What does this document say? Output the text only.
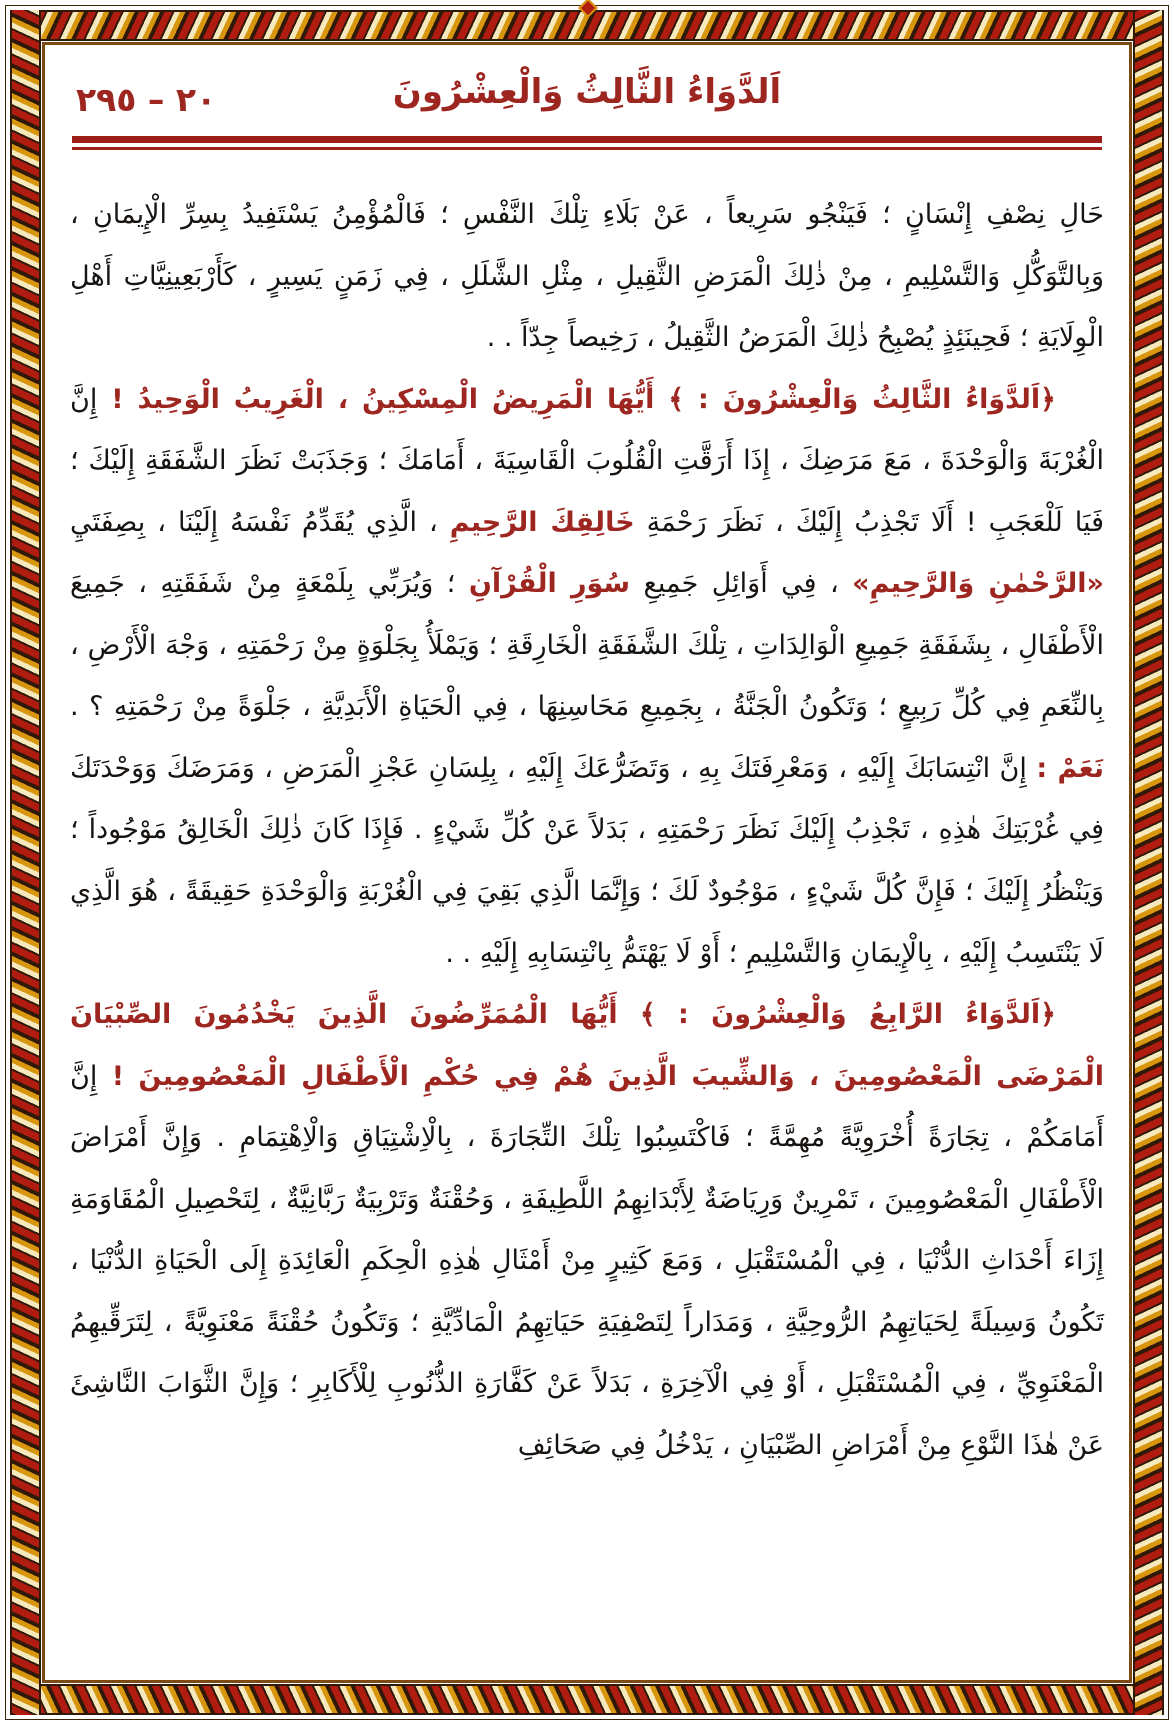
٢٠ – ٢٩٥	اَلدَّوَاءُ الثَّالِثُ وَالْعِشْرُونَ

حَالِ نِصْفِ إِنْسَانٍ ؛ فَيَنْجُو سَرِيعاً ، عَنْ بَلَاءِ تِلْكَ النَّفْسِ ؛ فَالْمُؤْمِنُ يَسْتَفِيدُ بِسِرِّ الْإِيمَانِ ، وَبِالتَّوَكُّلِ وَالتَّسْلِيمِ ، مِنْ ذٰلِكَ الْمَرَضِ الثَّقِيلِ ، مِثْلِ الشَّلَلِ ، فِي زَمَنٍ يَسِيرٍ ، كَأَرْبَعِينِيَّاتِ أَهْلِ الْوِلَايَةِ ؛ فَحِينَئِذٍ يُصْبِحُ ذٰلِكَ الْمَرَضُ الثَّقِيلُ ، رَخِيصاً جِدّاً . .

﴿اَلدَّوَاءُ الثَّالِثُ وَالْعِشْرُونَ : ﴾ أَيُّهَا الْمَرِيضُ الْمِسْكِينُ ، الْغَرِيبُ الْوَحِيدُ ! إِنَّ الْغُرْبَةَ وَالْوَحْدَةَ ، مَعَ مَرَضِكَ ، إِذَا أَرَقَّتِ الْقُلُوبَ الْقَاسِيَةَ ، أَمَامَكَ ؛ وَجَذَبَتْ نَظَرَ الشَّفَقَةِ إِلَيْكَ ؛ فَيَا لَلْعَجَبِ ! أَلَا تَجْذِبُ إِلَيْكَ ، نَظَرَ رَحْمَةِ خَالِقِكَ الرَّحِيمِ ، الَّذِي يُقَدِّمُ نَفْسَهُ إِلَيْنَا ، بِصِفَتَيِ «الرَّحْمٰنِ وَالرَّحِيمِ» ، فِي أَوَائِلِ جَمِيعِ سُوَرِ الْقُرْآنِ ؛ وَيُرَبِّي بِلَمْعَةٍ مِنْ شَفَقَتِهِ ، جَمِيعَ الْأَطْفَالِ ، بِشَفَقَةِ جَمِيعِ الْوَالِدَاتِ ، تِلْكَ الشَّفَقَةِ الْخَارِقَةِ ؛ وَيَمْلَأُ بِجَلْوَةٍ مِنْ رَحْمَتِهِ ، وَجْهَ الْأَرْضِ ، بِالنِّعَمِ فِي كُلِّ رَبِيعٍ ؛ وَتَكُونُ الْجَنَّةُ ، بِجَمِيعِ مَحَاسِنِهَا ، فِي الْحَيَاةِ الْأَبَدِيَّةِ ، جَلْوَةً مِنْ رَحْمَتِهِ ؟ . نَعَمْ : إِنَّ انْتِسَابَكَ إِلَيْهِ ، وَمَعْرِفَتَكَ بِهِ ، وَتَضَرُّعَكَ إِلَيْهِ ، بِلِسَانِ عَجْزِ الْمَرَضِ ، وَمَرَضَكَ وَوَحْدَتَكَ فِي غُرْبَتِكَ هٰذِهِ ، تَجْذِبُ إِلَيْكَ نَظَرَ رَحْمَتِهِ ، بَدَلاً عَنْ كُلِّ شَيْءٍ . فَإِذَا كَانَ ذٰلِكَ الْخَالِقُ مَوْجُوداً ؛ وَيَنْظُرُ إِلَيْكَ ؛ فَإِنَّ كُلَّ شَيْءٍ ، مَوْجُودٌ لَكَ ؛ وَإِنَّمَا الَّذِي بَقِيَ فِي الْغُرْبَةِ وَالْوَحْدَةِ حَقِيقَةً ، هُوَ الَّذِي لَا يَنْتَسِبُ إِلَيْهِ ، بِالْإِيمَانِ وَالتَّسْلِيمِ ؛ أَوْ لَا يَهْتَمُّ بِانْتِسَابِهِ إِلَيْهِ . .

﴿اَلدَّوَاءُ الرَّابِعُ وَالْعِشْرُونَ : ﴾ أَيُّهَا الْمُمَرِّضُونَ الَّذِينَ يَخْدُمُونَ الصِّبْيَانَ الْمَرْضَى الْمَعْصُومِينَ ، وَالشِّيبَ الَّذِينَ هُمْ فِي حُكْمِ الْأَطْفَالِ الْمَعْصُومِينَ ! إِنَّ أَمَامَكُمْ ، تِجَارَةً أُخْرَوِيَّةً مُهِمَّةً ؛ فَاكْتَسِبُوا تِلْكَ التِّجَارَةَ ، بِالْاِشْتِيَاقِ وَالْاِهْتِمَامِ . وَإِنَّ أَمْرَاضَ الْأَطْفَالِ الْمَعْصُومِينَ ، تَمْرِينٌ وَرِيَاضَةٌ لِأَبْدَانِهِمُ اللَّطِيفَةِ ، وَحُقْنَةٌ وَتَرْبِيَةٌ رَبَّانِيَّةٌ ، لِتَحْصِيلِ الْمُقَاوَمَةِ إِزَاءَ أَحْدَاثِ الدُّنْيَا ، فِي الْمُسْتَقْبَلِ ، وَمَعَ كَثِيرٍ مِنْ أَمْثَالِ هٰذِهِ الْحِكَمِ الْعَائِدَةِ إِلَى الْحَيَاةِ الدُّنْيَا ، تَكُونُ وَسِيلَةً لِحَيَاتِهِمُ الرُّوحِيَّةِ ، وَمَدَاراً لِتَصْفِيَةِ حَيَاتِهِمُ الْمَادِّيَّةِ ؛ وَتَكُونُ حُقْنَةً مَعْنَوِيَّةً ، لِتَرَقِّيهِمُ الْمَعْنَوِيِّ ، فِي الْمُسْتَقْبَلِ ، أَوْ فِي الْآخِرَةِ ، بَدَلاً عَنْ كَفَّارَةِ الذُّنُوبِ لِلْأَكَابِرِ ؛ وَإِنَّ الثَّوَابَ النَّاشِئَ عَنْ هٰذَا النَّوْعِ مِنْ أَمْرَاضِ الصِّبْيَانِ ، يَدْخُلُ فِي صَحَائِفِ
